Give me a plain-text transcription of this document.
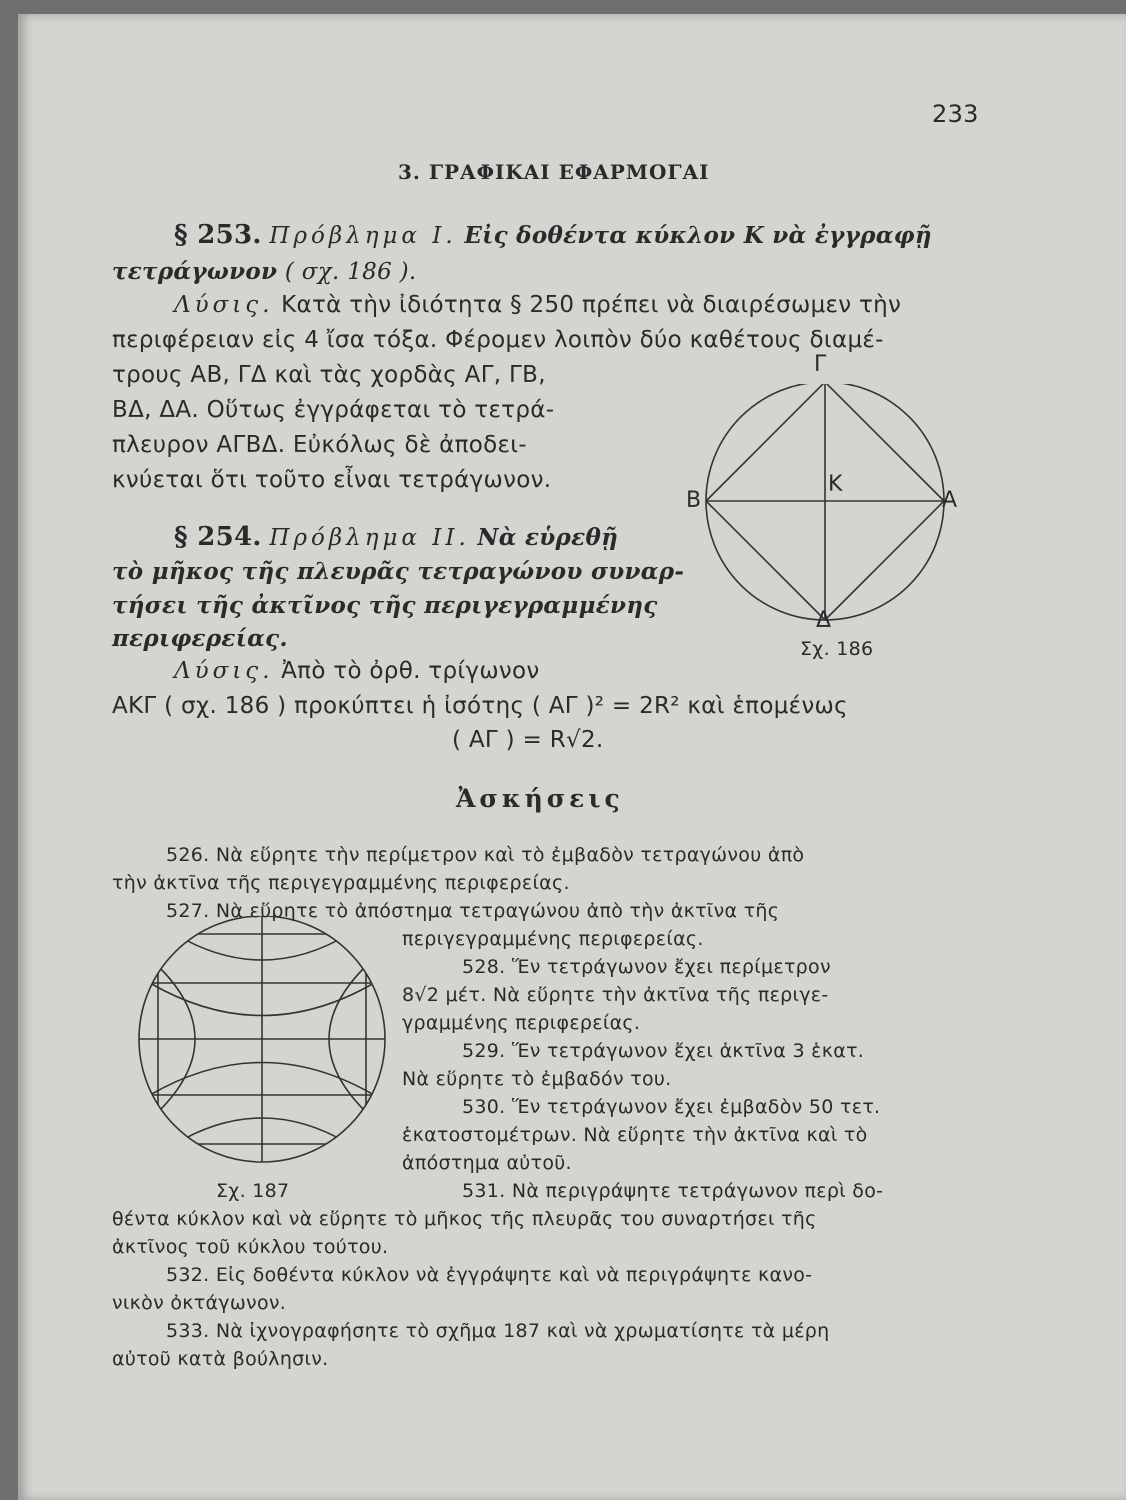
233
3. ΓΡΑΦΙΚΑΙ ΕΦΑΡΜΟΓΑΙ
§ 253. Πρόβλημα I. Εἰς δοθέντα κύκλον Κ νὰ ἐγγραφῇ
τετράγωνον ( σχ. 186 ).
Λύσις. Κατὰ τὴν ἰδιότητα § 250 πρέπει νὰ διαιρέσωμεν τὴν
περιφέρειαν εἰς 4 ἴσα τόξα. Φέρομεν λοιπὸν δύο καθέτους διαμέ-
τρους ΑΒ, ΓΔ καὶ τὰς χορδὰς ΑΓ, ΓΒ,
ΒΔ, ΔΑ. Οὕτως ἐγγράφεται τὸ τετρά-
πλευρον ΑΓΒΔ. Εὐκόλως δὲ ἀποδει-
κνύεται ὅτι τοῦτο εἶναι τετράγωνον.
Γ
Β	Α
Δ
Κ
Σχ. 186
§ 254. Πρόβλημα II. Νὰ εὑρεθῇ
τὸ μῆκος τῆς πλευρᾶς τετραγώνου συναρ-
τήσει τῆς ἀκτῖνος τῆς περιγεγραμμένης
περιφερείας.
Λύσις. Ἀπὸ τὸ ὀρθ. τρίγωνον
ΑΚΓ ( σχ. 186 ) προκύπτει ἡ ἰσότης ( ΑΓ )² = 2R² καὶ ἑπομένως
( ΑΓ ) = R√2.
Ἀσκήσεις
526. Νὰ εὕρητε τὴν περίμετρον καὶ τὸ ἐμβαδὸν τετραγώνου ἀπὸ
τὴν ἀκτῖνα τῆς περιγεγραμμένης περιφερείας.
527. Νὰ εὕρητε τὸ ἀπόστημα τετραγώνου ἀπὸ τὴν ἀκτῖνα τῆς
περιγεγραμμένης περιφερείας.
528. Ἕν τετράγωνον ἔχει περίμετρον
8√2 μέτ. Νὰ εὕρητε τὴν ἀκτῖνα τῆς περιγε-
γραμμένης περιφερείας.
529. Ἕν τετράγωνον ἔχει ἀκτῖνα 3 ἑκατ.
Νὰ εὕρητε τὸ ἐμβαδόν του.
530. Ἕν τετράγωνον ἔχει ἐμβαδὸν 50 τετ.
ἑκατοστομέτρων. Νὰ εὕρητε τὴν ἀκτῖνα καὶ τὸ
ἀπόστημα αὐτοῦ.
531. Νὰ περιγράψητε τετράγωνον περὶ δο-
θέντα κύκλον καὶ νὰ εὕρητε τὸ μῆκος τῆς πλευρᾶς του συναρτήσει τῆς
ἀκτῖνος τοῦ κύκλου τούτου.
532. Εἰς δοθέντα κύκλον νὰ ἐγγράψητε καὶ νὰ περιγράψητε κανο-
νικὸν ὀκτάγωνον.
533. Νὰ ἰχνογραφήσητε τὸ σχῆμα 187 καὶ νὰ χρωματίσητε τὰ μέρη
αὐτοῦ κατὰ βούλησιν.
Σχ. 187
